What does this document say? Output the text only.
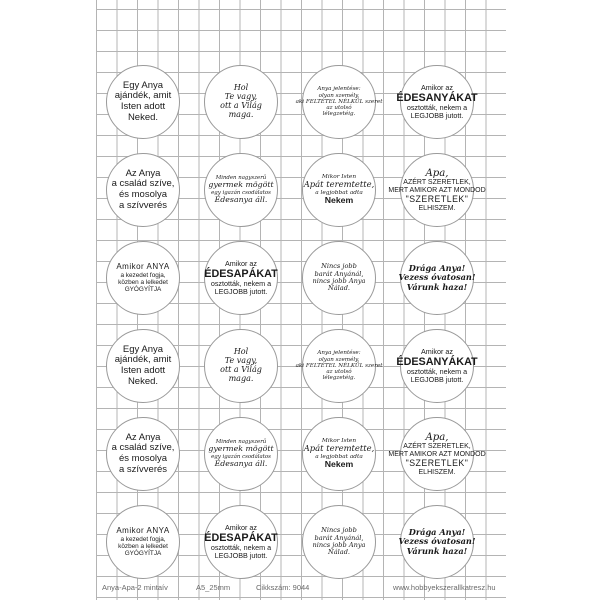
Egy Anya
ajándék, amit
Isten adott
Neked.
Hol
Te vagy,
ott a Világ
maga.
Anya jelentése:
olyan személy,
aki FELTÉTEL NÉLKÜL szeret
az utolsó
lélegzetéig.
Amikor az
ÉDESANYÁKAT
osztották, nekem a
LEGJOBB jutott.
Az Anya
a család szíve,
és mosolya
a szívverés
Minden nagyszerű
gyermek mögött
egy igazán csodálatos
Édesanya áll.
Mikor Isten
Apát teremtette,
a legjobbat adta
Nekem
Apa,
AZÉRT SZERETLEK,
MERT AMIKOR AZT MONDOD
"SZERETLEK"
ELHISZEM.
Amikor ANYA
a kezedet fogja,
közben a lelkedet
GYÓGYÍTJA
Amikor az
ÉDESAPÁKAT
osztották, nekem a
LEGJOBB jutott.
Nincs jobb
barát Anyánál,
nincs jobb Anya
Nálad.
Drága Anya!
Vezess óvatosan!
Várunk haza!
Egy Anya
ajándék, amit
Isten adott
Neked.
Hol
Te vagy,
ott a Világ
maga.
Anya jelentése:
olyan személy,
aki FELTÉTEL NÉLKÜL szeret
az utolsó
lélegzetéig.
Amikor az
ÉDESANYÁKAT
osztották, nekem a
LEGJOBB jutott.
Az Anya
a család szíve,
és mosolya
a szívverés
Minden nagyszerű
gyermek mögött
egy igazán csodálatos
Édesanya áll.
Mikor Isten
Apát teremtette,
a legjobbat adta
Nekem
Apa,
AZÉRT SZERETLEK,
MERT AMIKOR AZT MONDOD
"SZERETLEK"
ELHISZEM.
Amikor ANYA
a kezedet fogja,
közben a lelkedet
GYÓGYÍTJA
Amikor az
ÉDESAPÁKAT
osztották, nekem a
LEGJOBB jutott.
Nincs jobb
barát Anyánál,
nincs jobb Anya
Nálad.
Drága Anya!
Vezess óvatosan!
Várunk haza!
Anya-Apa-2 mintaív	A5_25mm	Cikkszám: 9044	www.hobbyekszerallkatresz.hu
